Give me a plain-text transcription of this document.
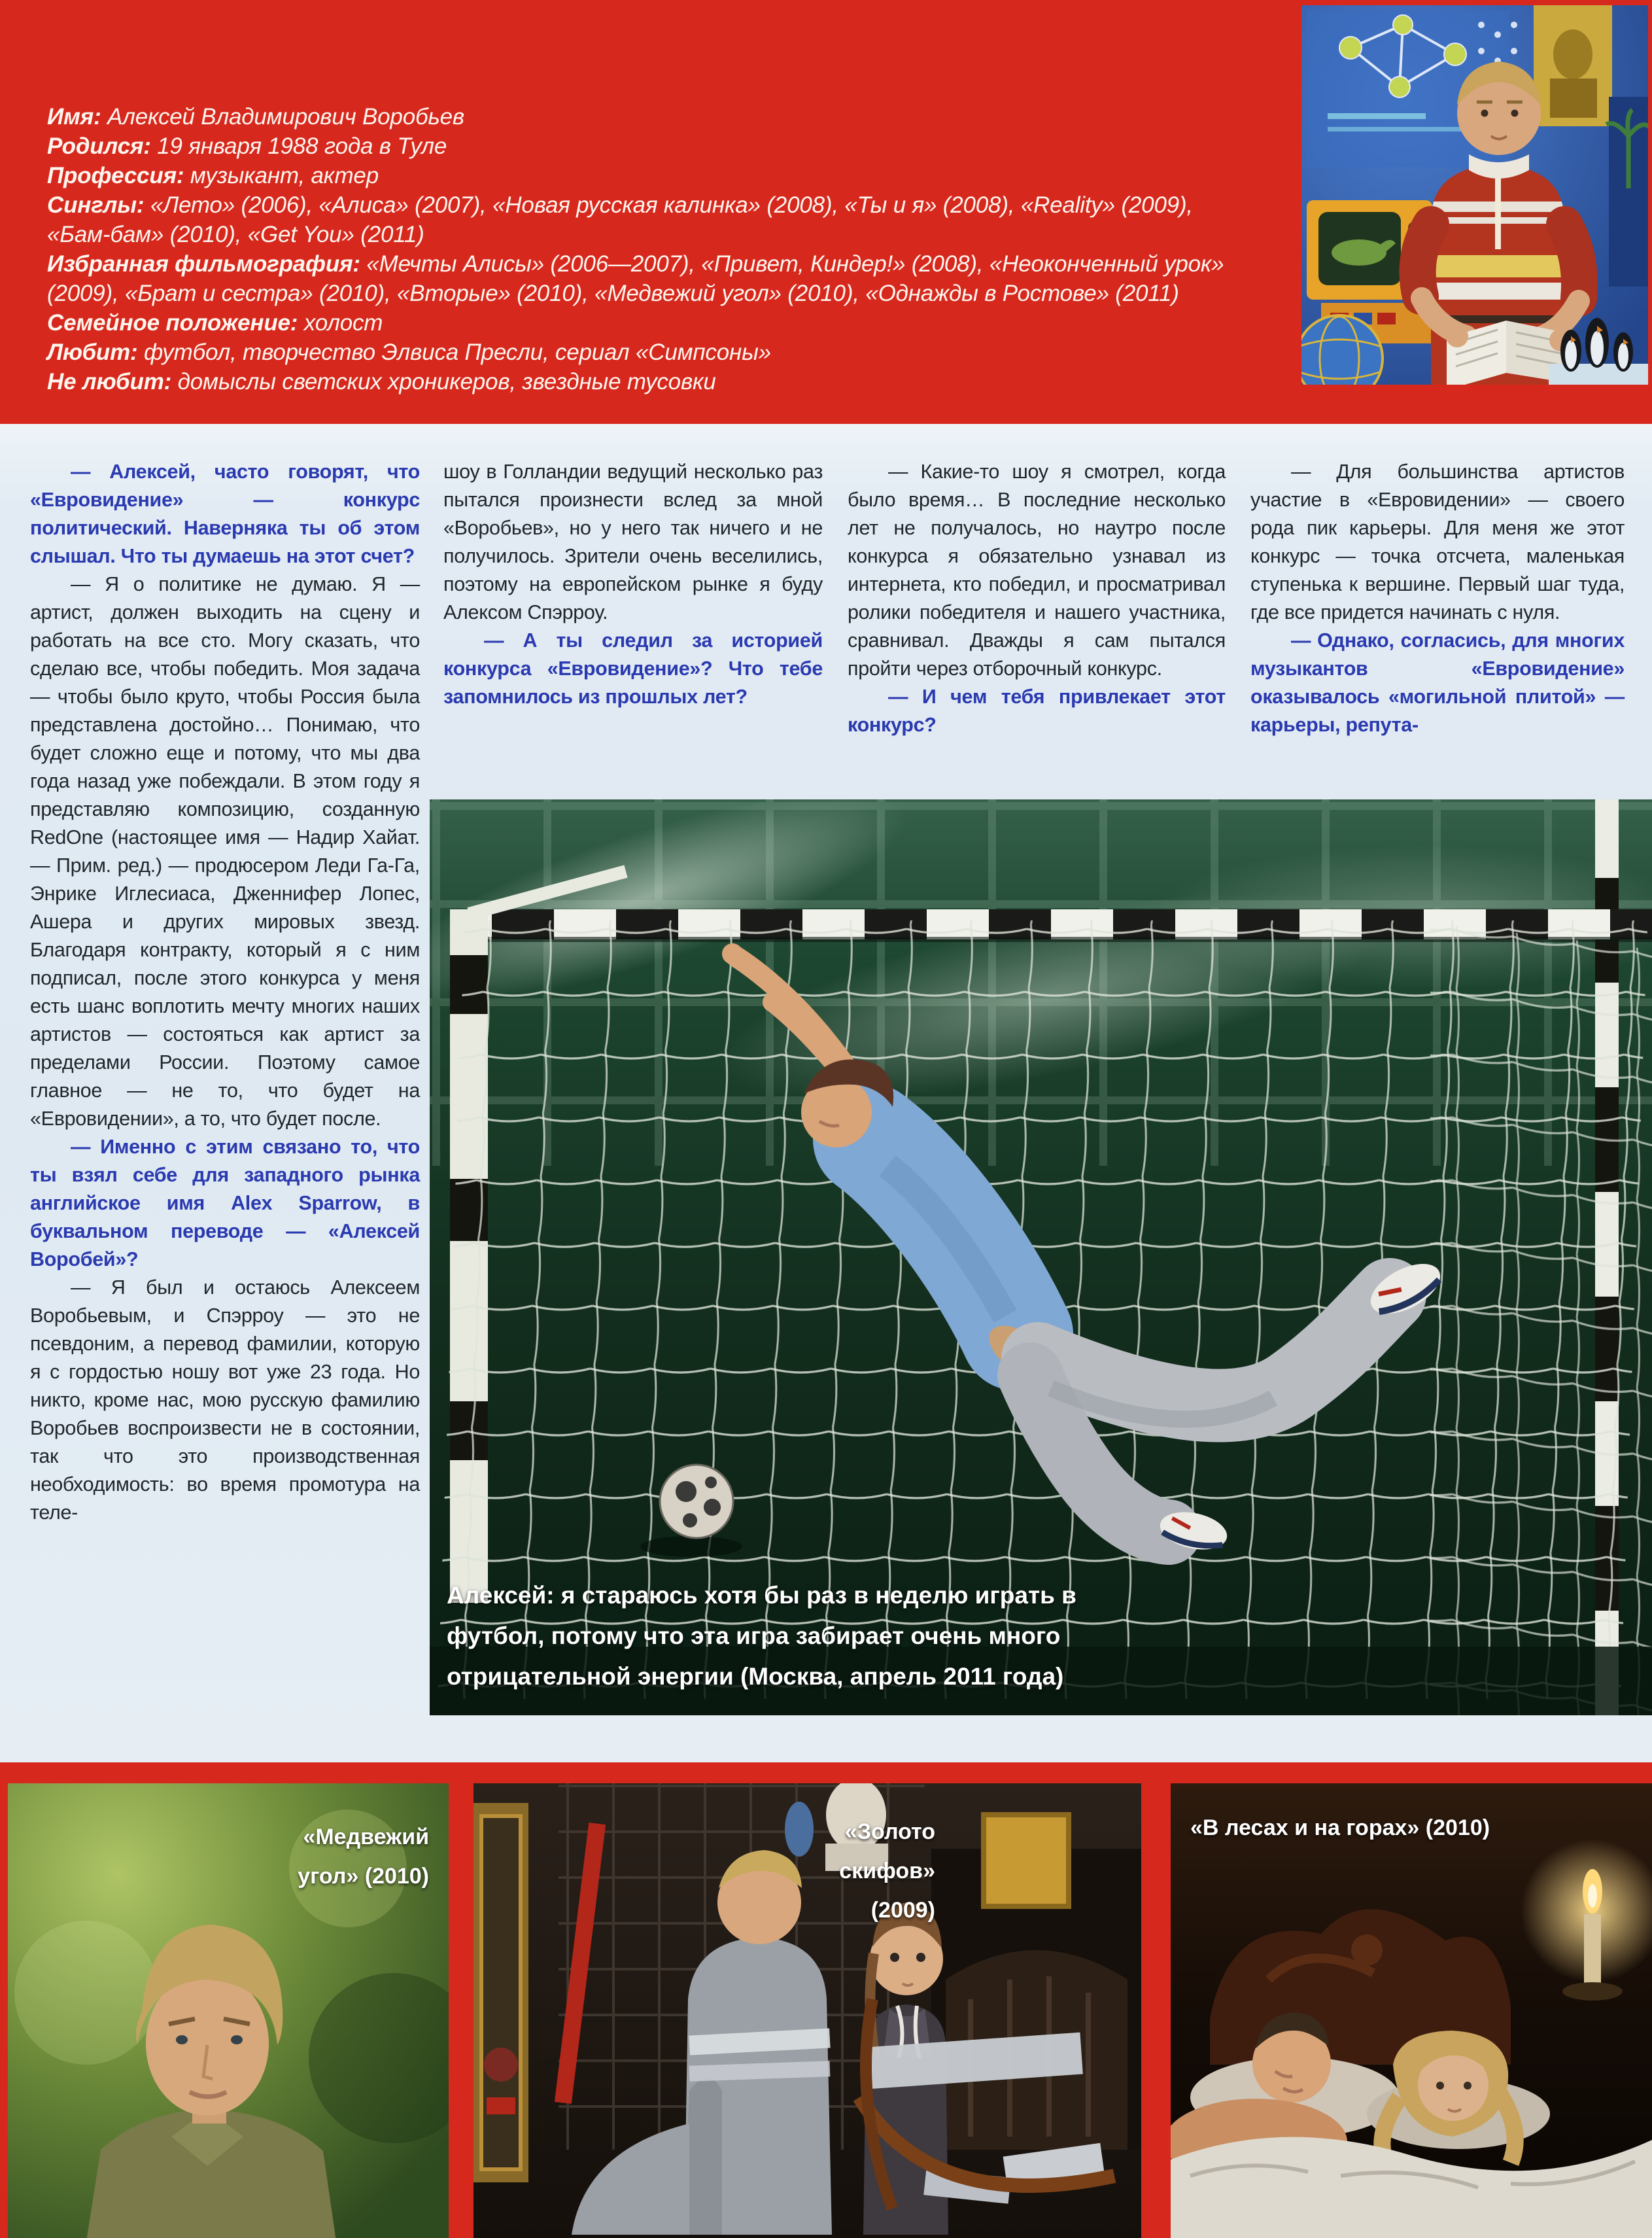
Имя: Алексей Владимирович Воробьев

Родился: 19 января 1988 года в Туле

Профессия: музыкант, актер

Синглы: «Лето» (2006), «Алиса» (2007), «Новая русская калинка» (2008), «Ты и я» (2008), «Reality» (2009), «Бам-бам» (2010), «Get You» (2011)

Избранная фильмография: «Мечты Алисы» (2006—2007), «Привет, Киндер!» (2008), «Неоконченный урок» (2009), «Брат и сестра» (2010), «Вторые» (2010), «Медвежий угол» (2010), «Однажды в Ростове» (2011)

Семейное положение: холост

Любит: футбол, творчество Элвиса Пресли, сериал «Симпсоны»

Не любит: домыслы светских хроникеров, звездные тусовки

— Алексей, часто говорят, что «Евровидение» — конкурс политический. Наверняка ты об этом слышал. Что ты думаешь на этот счет?

— Я о политике не думаю. Я — артист, должен выходить на сцену и работать на все сто. Могу сказать, что сделаю все, чтобы победить. Моя задача — чтобы было круто, чтобы Россия была представлена достойно… Понимаю, что будет сложно еще и потому, что мы два года назад уже побеждали. В этом году я представляю композицию, созданную RedOne (настоящее имя — Надир Хайат. — Прим. ред.) — продюсером Леди Га-Га, Энрике Иглесиаса, Дженнифер Лопес, Ашера и других мировых звезд. Благодаря контракту, который я с ним подписал, после этого конкурса у меня есть шанс воплотить мечту многих наших артистов — состояться как артист за пределами России. Поэтому самое главное — не то, что будет на «Евровидении», а то, что будет после.

— Именно с этим связано то, что ты взял себе для западного рынка английское имя Alex Sparrow, в буквальном переводе — «Алексей Воробей»?

— Я был и остаюсь Алексеем Воробьевым, и Спэрроу — это не псевдоним, а перевод фамилии, которую я с гордостью ношу вот уже 23 года. Но никто, кроме нас, мою русскую фамилию Воробьев воспроизвести не в состоянии, так что это производственная необходимость: во время промотура на теле-

шоу в Голландии ведущий несколько раз пытался произнести вслед за мной «Воробьев», но у него так ничего и не получилось. Зрители очень веселились, поэтому на европейском рынке я буду Алексом Спэрроу.

— А ты следил за историей конкурса «Евровидение»? Что тебе запомнилось из прошлых лет?

— Какие-то шоу я смотрел, когда было время… В последние несколько лет не получалось, но наутро после конкурса я обязательно узнавал из интернета, кто победил, и просматривал ролики победителя и нашего участника, сравнивал. Дважды я сам пытался пройти через отборочный конкурс.

— И чем тебя привлекает этот конкурс?

— Для большинства артистов участие в «Евровидении» — своего рода пик карьеры. Для меня же этот конкурс — точка отсчета, маленькая ступенька к вершине. Первый шаг туда, где все придется начинать с нуля.

— Однако, согласись, для многих музыкантов «Евровидение» оказывалось «могильной плитой» — карьеры, репута-

Алексей: я стараюсь хотя бы раз в неделю играть в футбол, потому что эта игра забирает очень много отрицательной энергии (Москва, апрель 2011 года)
«Медвежий угол» (2010)
«Золото скифов» (2009)
«В лесах и на горах» (2010)
